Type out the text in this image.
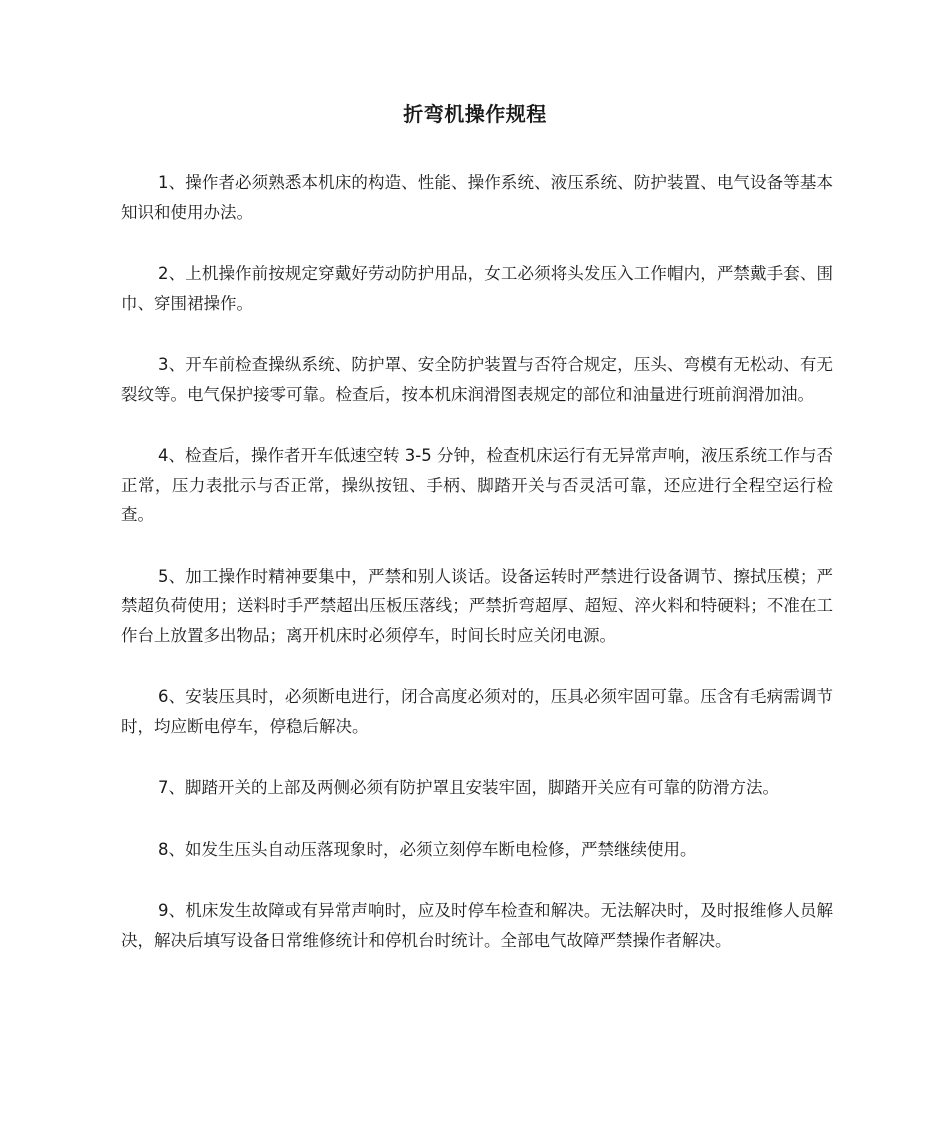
折弯机操作规程

1、操作者必须熟悉本机床的构造、性能、操作系统、液压系统、防护装置、电气设备等基本知识和使用办法。

2、上机操作前按规定穿戴好劳动防护用品，女工必须将头发压入工作帽内，严禁戴手套、围巾、穿围裙操作。

3、开车前检查操纵系统、防护罩、安全防护装置与否符合规定，压头、弯模有无松动、有无裂纹等。电气保护接零可靠。检查后，按本机床润滑图表规定的部位和油量进行班前润滑加油。

4、检查后，操作者开车低速空转 3-5 分钟，检查机床运行有无异常声响，液压系统工作与否正常，压力表批示与否正常，操纵按钮、手柄、脚踏开关与否灵活可靠，还应进行全程空运行检查。

5、加工操作时精神要集中，严禁和别人谈话。设备运转时严禁进行设备调节、擦拭压模；严禁超负荷使用；送料时手严禁超出压板压落线；严禁折弯超厚、超短、淬火料和特硬料；不准在工作台上放置多出物品；离开机床时必须停车，时间长时应关闭电源。

6、安装压具时，必须断电进行，闭合高度必须对的，压具必须牢固可靠。压含有毛病需调节时，均应断电停车，停稳后解决。

7、脚踏开关的上部及两侧必须有防护罩且安装牢固，脚踏开关应有可靠的防滑方法。

8、如发生压头自动压落现象时，必须立刻停车断电检修，严禁继续使用。

9、机床发生故障或有异常声响时，应及时停车检查和解决。无法解决时，及时报维修人员解决，解决后填写设备日常维修统计和停机台时统计。全部电气故障严禁操作者解决。
